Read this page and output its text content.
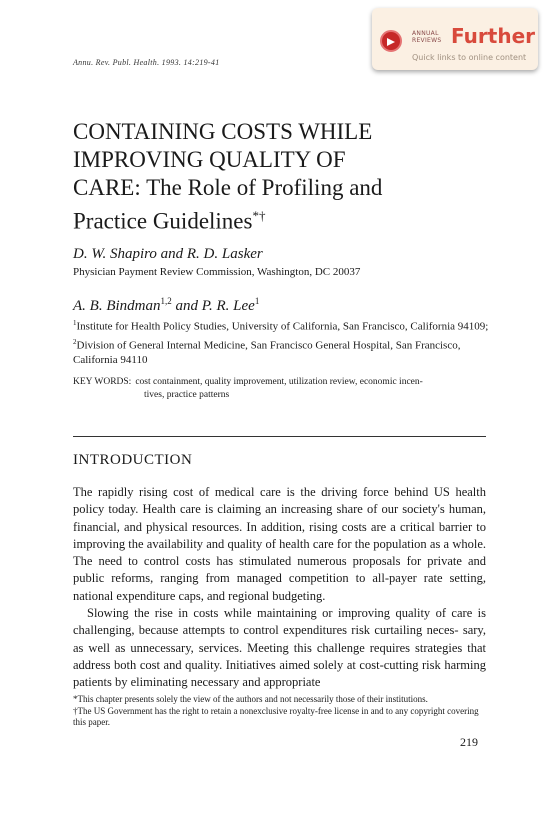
ANNUAL
REVIEWS Further
Quick links to online content
Annu. Rev. Publ. Health. 1993. 14:219-41
CONTAINING COSTS WHILE
IMPROVING QUALITY OF
CARE: The Role of Profiling and
Practice Guidelines*†
D. W. Shapiro and R. D. Lasker
Physician Payment Review Commission, Washington, DC 20037
A. B. Bindman$^{1,2}$ and P. R. Lee$^1$
$^1$Institute for Health Policy Studies, University of California, San Francisco, California 94109; $^2$Division of General Internal Medicine, San Francisco General Hospital, San Francisco, California 94110
KEY WORDS: cost containment, quality improvement, utilization review, economic incen-
tives, practice patterns
INTRODUCTION

The rapidly rising cost of medical care is the driving force behind US health policy today. Health care is claiming an increasing share of our society's human, financial, and physical resources. In addition, rising costs are a critical barrier to improving the availability and quality of health care for the population as a whole. The need to control costs has stimulated numerous proposals for private and public reforms, ranging from managed competition to all-payer rate setting, national expenditure caps, and regional budgeting.

Slowing the rise in costs while maintaining or improving quality of care is challenging, because attempts to control expenditures risk curtailing neces- sary, as well as unnecessary, services. Meeting this challenge requires strategies that address both cost and quality. Initiatives aimed solely at cost-cutting risk harming patients by eliminating necessary and appropriate

*This chapter presents solely the view of the authors and not necessarily those of their institutions.
†The US Government has the right to retain a nonexclusive royalty-free license in and to any copyright covering this paper.
219
